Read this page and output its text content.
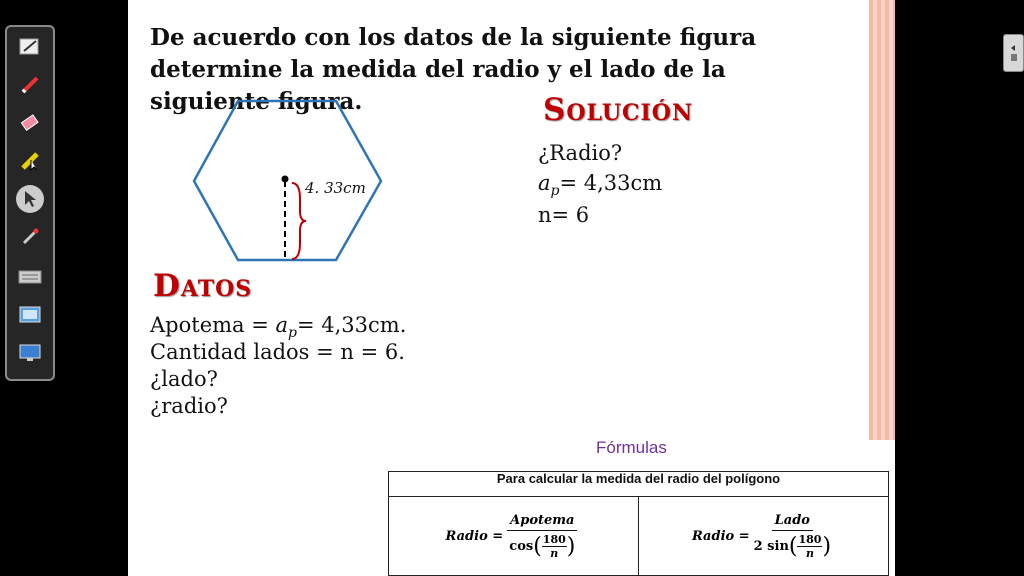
De acuerdo con los datos de la siguiente figura determine la medida del radio y el lado de la siguiente figura.
4. 33cm
Solución
¿Radio?
$a_p= 4,33cm$
n= 6
Datos
Apotema = $a_p= 4,33cm$.
Cantidad lados = n = 6.
¿lado?
¿radio?
Fórmulas
Para calcular la medida del radio del polígono
Radio =
Apotema
cos ( 180
n )	Radio =
Lado
2 sin ( 180
n )
